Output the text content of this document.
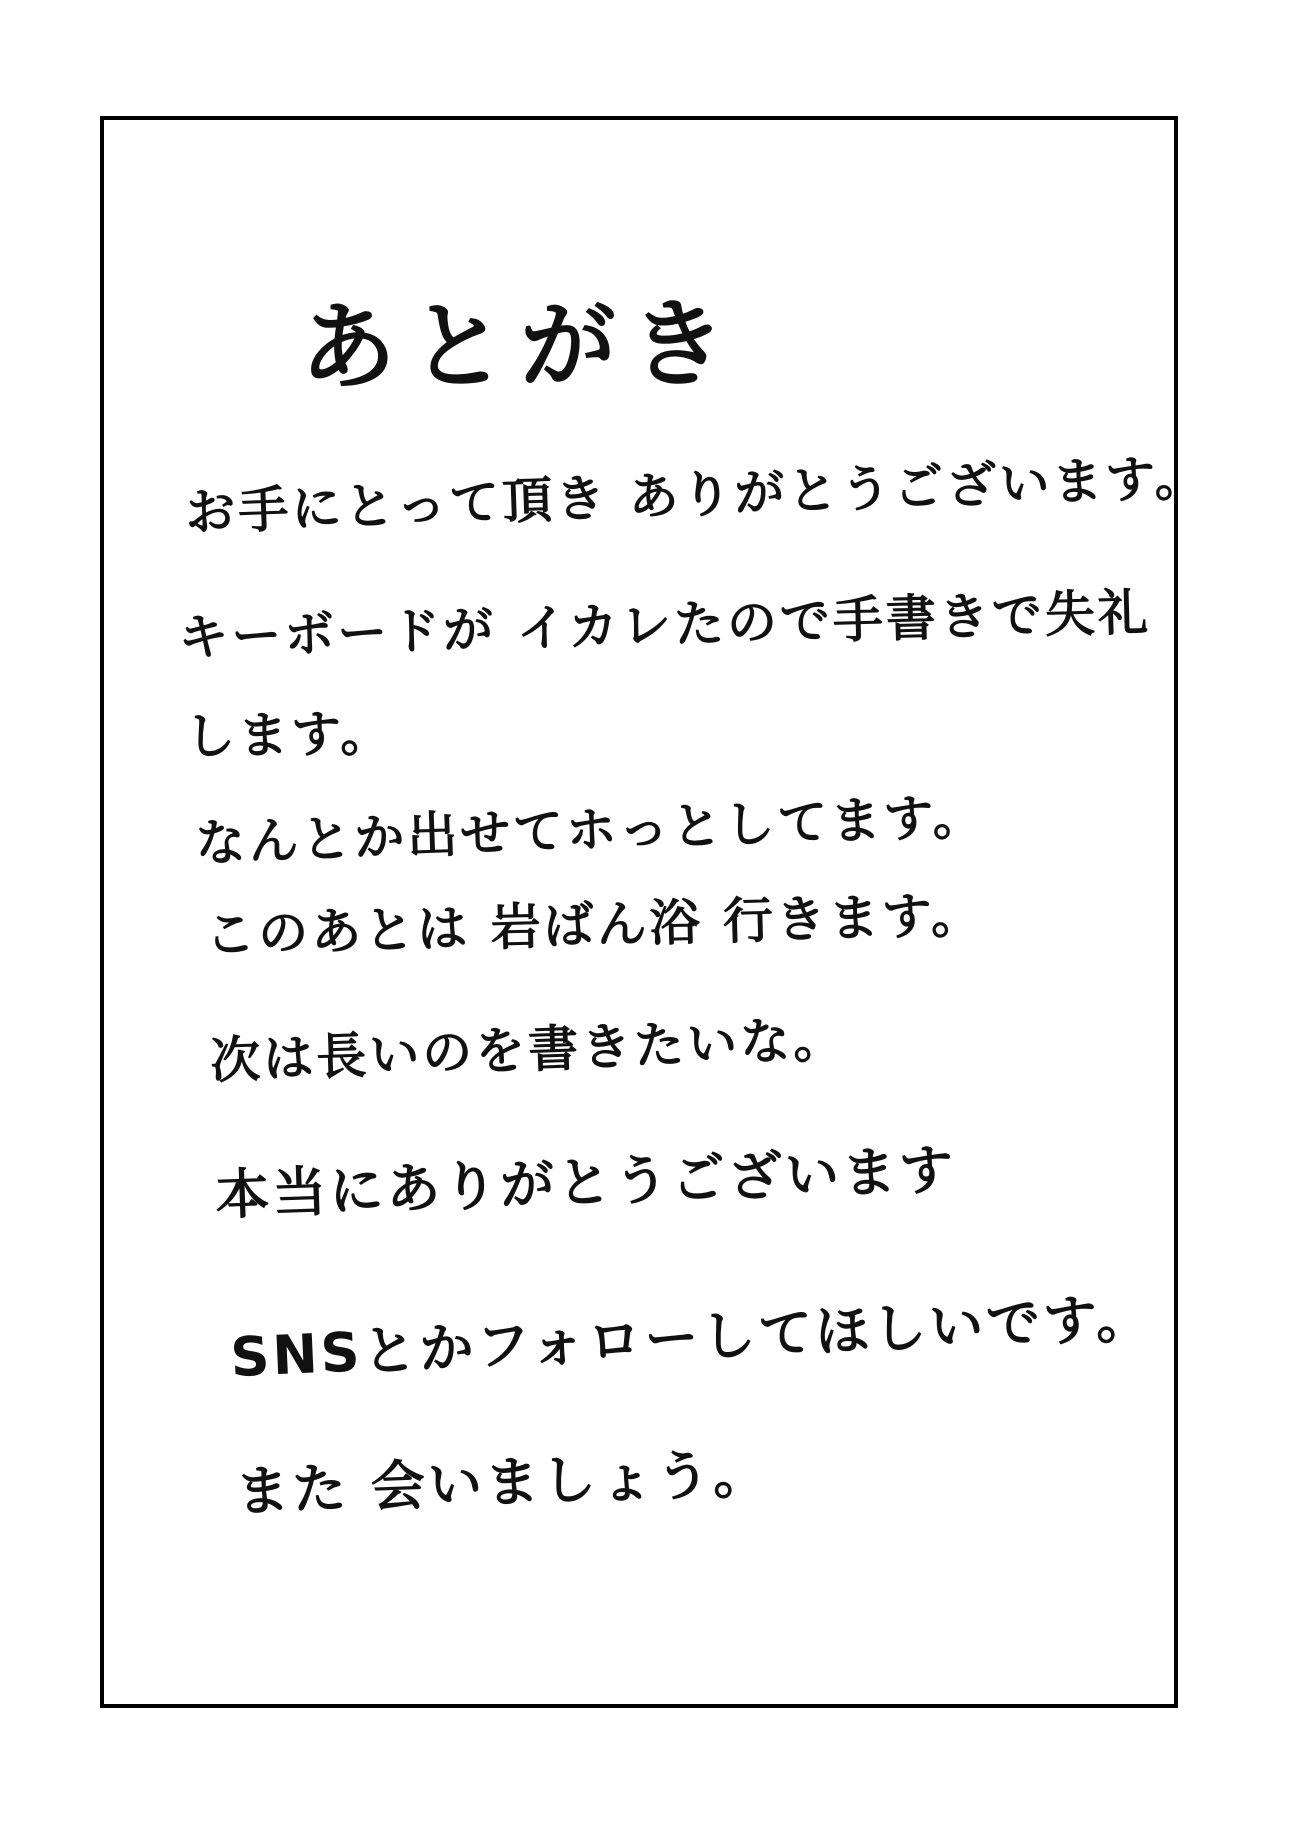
あとがき
お手にとって頂き ありがとうございます。
キーボードが イカレたので手書きで失礼
します。
なんとか出せてホっとしてます。
このあとは 岩ばん浴 行きます。
次は長いのを書きたいな。
本当にありがとうございます
SNSとかフォローしてほしいです。
また 会いましょう。
